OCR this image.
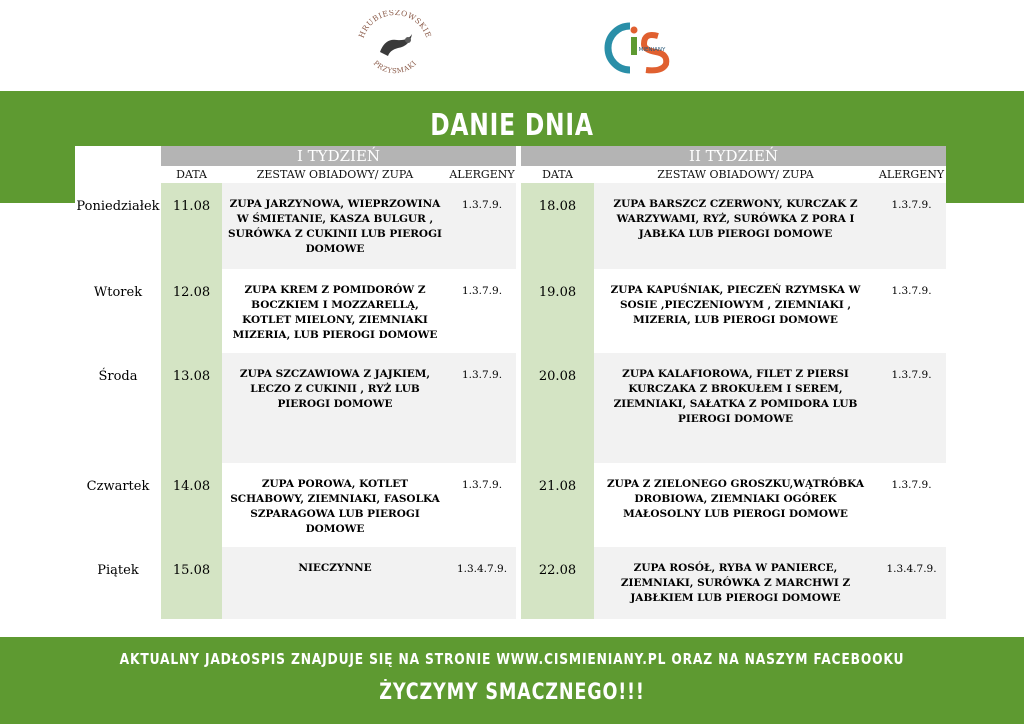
HRUBIESZOWSKIE
PRZYSMAKI
MIENIANY
DANIE DNIA
	I TYDZIEŃ				II TYDZIEŃ		
	DATA	ZESTAW OBIADOWY/ ZUPA	ALERGENY		DATA	ZESTAW OBIADOWY/ ZUPA	ALERGENY
Poniedziałek	11.08	ZUPA JARZYNOWA, WIEPRZOWINA W ŚMIETANIE, KASZA BULGUR , SURÓWKA Z CUKINII LUB PIEROGI DOMOWE	1.3.7.9.		18.08	ZUPA BARSZCZ CZERWONY, KURCZAK Z WARZYWAMI, RYŻ, SURÓWKA Z PORA I JABŁKA LUB PIEROGI DOMOWE	1.3.7.9.
Wtorek	12.08	ZUPA KREM Z POMIDORÓW Z BOCZKIEM I MOZZARELLĄ, KOTLET MIELONY, ZIEMNIAKI MIZERIA, LUB PIEROGI DOMOWE	1.3.7.9.		19.08	ZUPA KAPUŚNIAK, PIECZEŃ RZYMSKA W SOSIE ,PIECZENIOWYM , ZIEMNIAKI , MIZERIA, LUB PIEROGI DOMOWE	1.3.7.9.
Środa	13.08	ZUPA SZCZAWIOWA Z JAJKIEM, LECZO Z CUKINII , RYŻ LUB PIEROGI DOMOWE	1.3.7.9.		20.08	ZUPA KALAFIOROWA, FILET Z PIERSI KURCZAKA Z BROKUŁEM I SEREM, ZIEMNIAKI, SAŁATKA Z POMIDORA LUB PIEROGI DOMOWE	1.3.7.9.
Czwartek	14.08	ZUPA POROWA, KOTLET SCHABOWY, ZIEMNIAKI, FASOLKA SZPARAGOWA LUB PIEROGI DOMOWE	1.3.7.9.		21.08	ZUPA Z ZIELONEGO GROSZKU,WĄTRÓBKA DROBIOWA, ZIEMNIAKI OGÓREK MAŁOSOLNY LUB PIEROGI DOMOWE	1.3.7.9.
Piątek	15.08	NIECZYNNE	1.3.4.7.9.		22.08	ZUPA ROSÓŁ, RYBA W PANIERCE, ZIEMNIAKI, SURÓWKA Z MARCHWI Z JABŁKIEM LUB PIEROGI DOMOWE	1.3.4.7.9.
AKTUALNY JADŁOSPIS ZNAJDUJE SIĘ NA STRONIE WWW.CISMIENIANY.PL ORAZ NA NASZYM FACEBOOKU
ŻYCZYMY SMACZNEGO!!!
